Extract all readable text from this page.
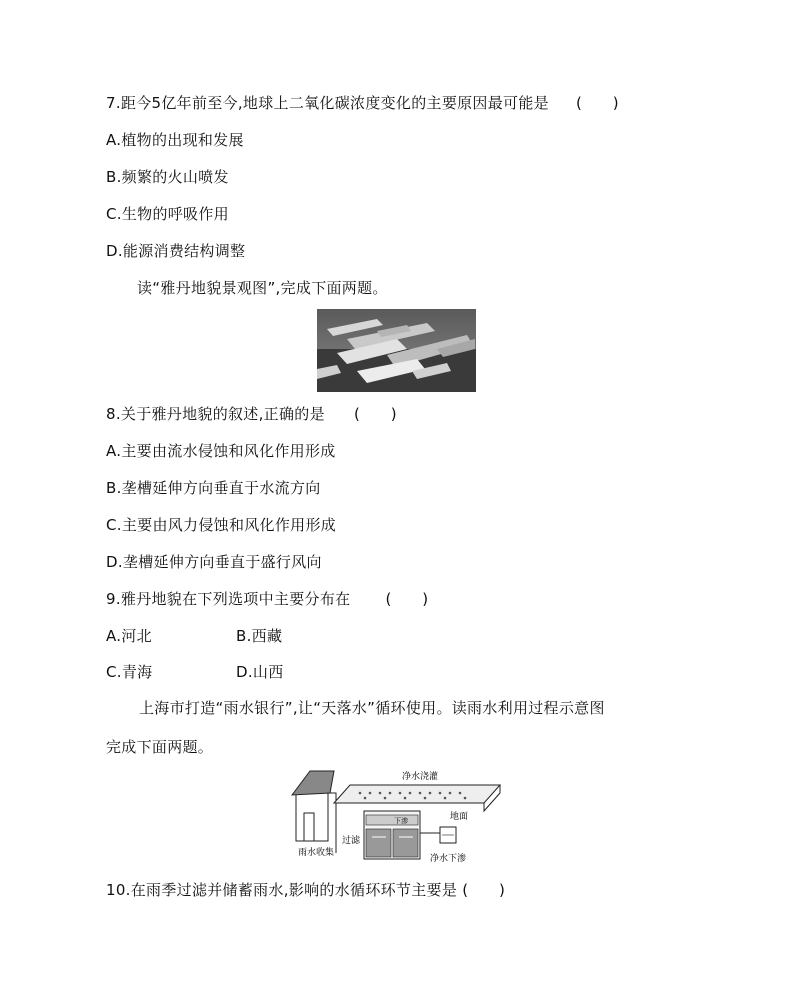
7.距今5亿年前至今,地球上二氧化碳浓度变化的主要原因最可能是 (　　)
A.植物的出现和发展
B.频繁的火山喷发
C.生物的呼吸作用
D.能源消费结构调整
读“雅丹地貌景观图”,完成下面两题。
8.关于雅丹地貌的叙述,正确的是 (　　)
A.主要由流水侵蚀和风化作用形成
B.垄槽延伸方向垂直于水流方向
C.主要由风力侵蚀和风化作用形成
D.垄槽延伸方向垂直于盛行风向
9.雅丹地貌在下列选项中主要分布在 (　　)
A.河北	B.西藏
C.青海	D.山西
上海市打造“雨水银行”,让“天落水”循环使用。读雨水利用过程示意图
完成下面两题。
净水浇灌
地面
下渗
雨水收集
过滤
净水下渗
10.在雨季过滤并储蓄雨水,影响的水循环环节主要是 (　　)
